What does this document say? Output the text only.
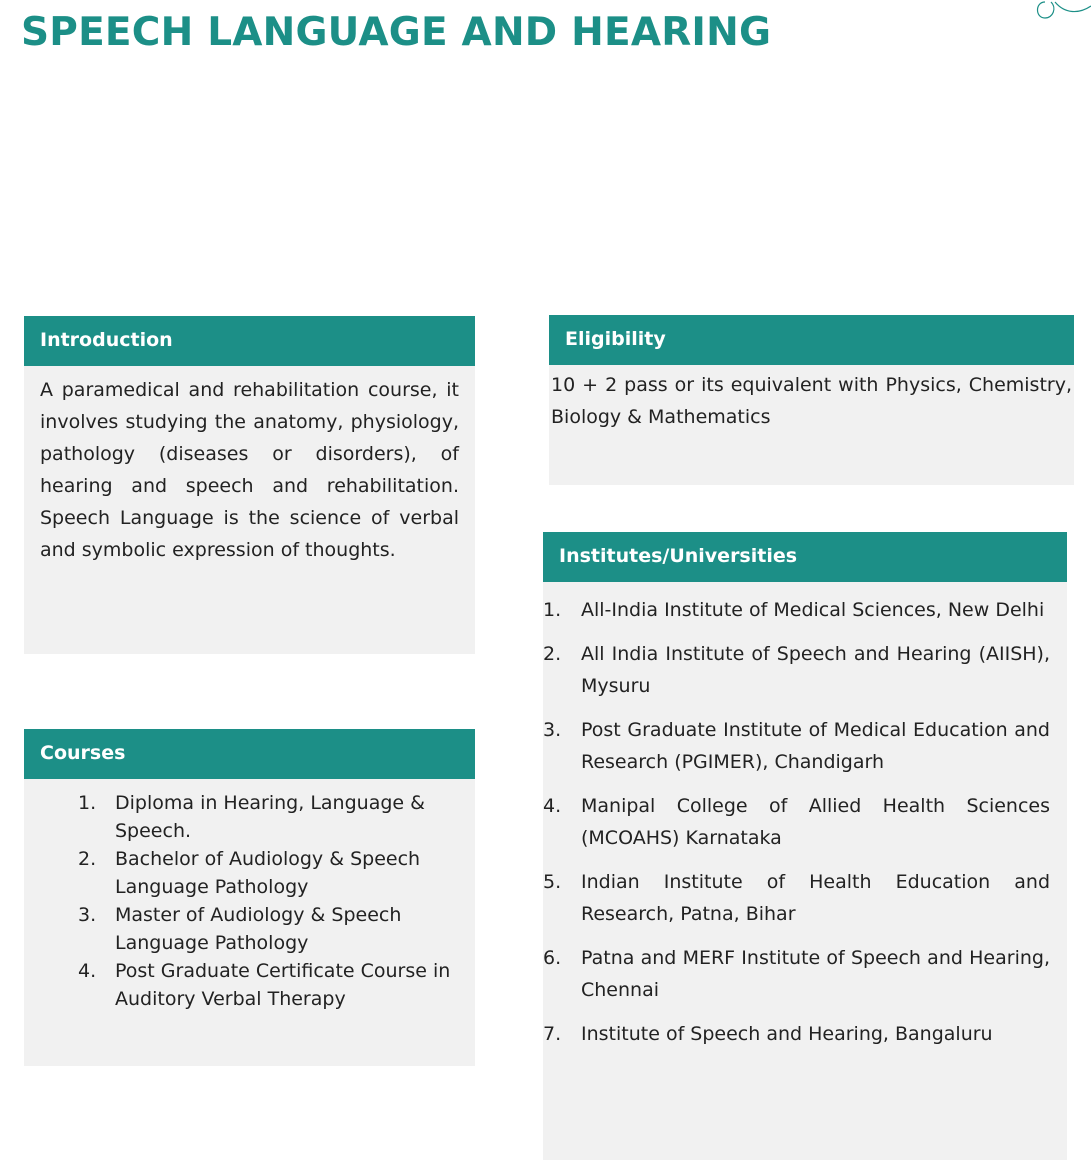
SPEECH LANGUAGE AND HEARING
Introduction

A paramedical and rehabilitation course, it involves studying the anatomy, physiology, pathology (diseases or disorders), of hearing and speech and rehabilitation. Speech Language is the science of verbal and symbolic expression of thoughts.

Eligibility

10 + 2 pass or its equivalent with Physics, Chemistry, Biology & Mathematics

Courses
1. Diploma in Hearing, Language & Speech.
2. Bachelor of Audiology & Speech Language Pathology
3. Master of Audiology & Speech Language Pathology
4. Post Graduate Certificate Course in Auditory Verbal Therapy
Institutes/Universities
1. All-India Institute of Medical Sciences, New Delhi
2. All India Institute of Speech and Hearing (AIISH), Mysuru
3. Post Graduate Institute of Medical Education and Research (PGIMER), Chandigarh
4. Manipal College of Allied Health Sciences (MCOAHS) Karnataka
5. Indian Institute of Health Education and Research, Patna, Bihar
6. Patna and MERF Institute of Speech and Hearing, Chennai
7. Institute of Speech and Hearing, Bangaluru
